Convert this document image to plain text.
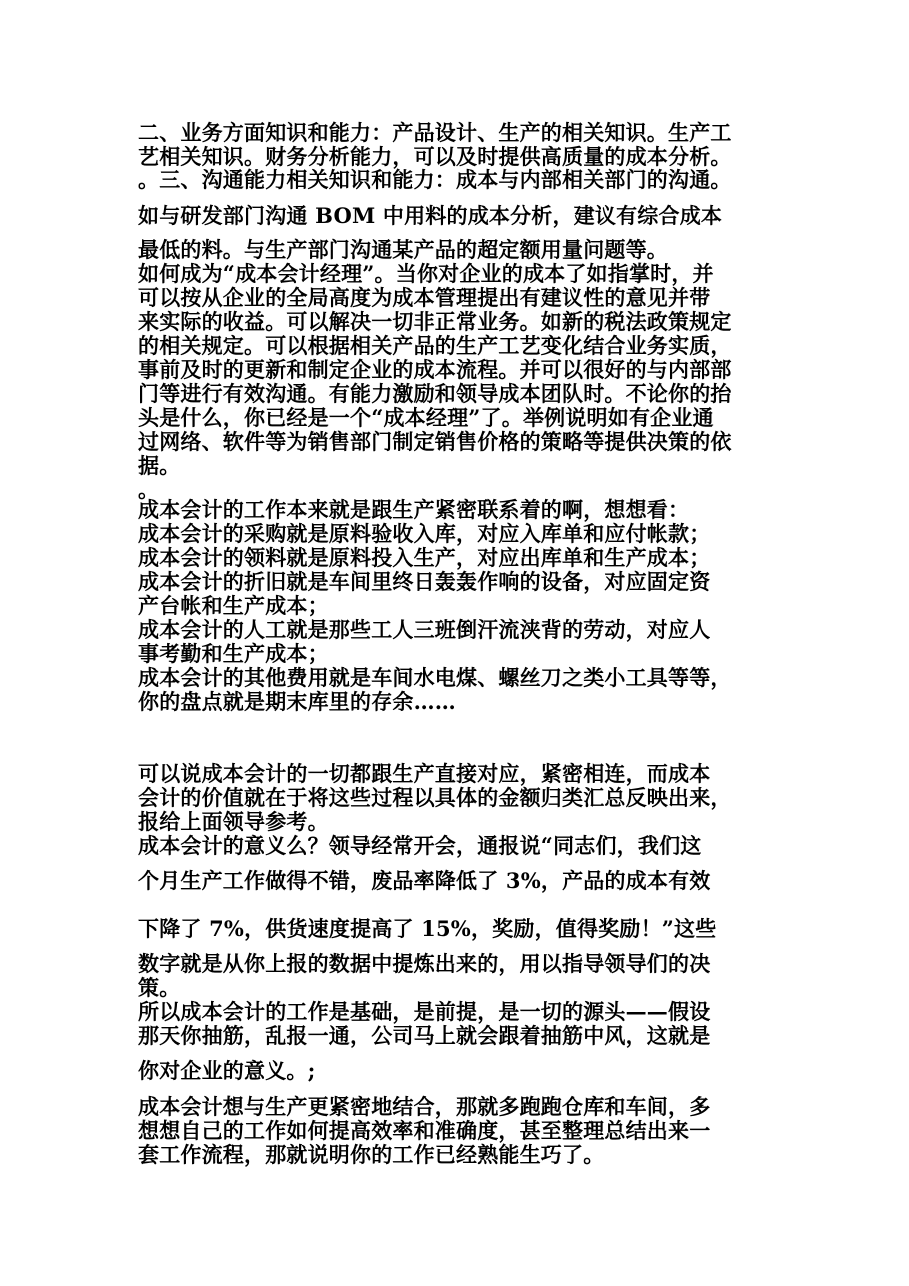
二、业务方面知识和能力：产品设计、生产的相关知识。生产工
艺相关知识。财务分析能力，可以及时提供高质量的成本分析。
。三、沟通能力相关知识和能力：成本与内部相关部门的沟通。
如与研发部门沟通 BOM 中用料的成本分析，建议有综合成本
最低的料。与生产部门沟通某产品的超定额用量问题等。
如何成为“成本会计经理”。当你对企业的成本了如指掌时，并
可以按从企业的全局高度为成本管理提出有建议性的意见并带
来实际的收益。可以解决一切非正常业务。如新的税法政策规定
的相关规定。可以根据相关产品的生产工艺变化结合业务实质，
事前及时的更新和制定企业的成本流程。并可以很好的与内部部
门等进行有效沟通。有能力激励和领导成本团队时。不论你的抬
头是什么，你已经是一个“成本经理”了。举例说明如有企业通
过网络、软件等为销售部门制定销售价格的策略等提供决策的依
据。
。
成本会计的工作本来就是跟生产紧密联系着的啊，想想看：
成本会计的采购就是原料验收入库，对应入库单和应付帐款；
成本会计的领料就是原料投入生产，对应出库单和生产成本；
成本会计的折旧就是车间里终日轰轰作响的设备，对应固定资
产台帐和生产成本；
成本会计的人工就是那些工人三班倒汗流浃背的劳动，对应人
事考勤和生产成本；
成本会计的其他费用就是车间水电煤、螺丝刀之类小工具等等，
你的盘点就是期末库里的存余……
可以说成本会计的一切都跟生产直接对应，紧密相连，而成本
会计的价值就在于将这些过程以具体的金额归类汇总反映出来，
报给上面领导参考。
成本会计的意义么？领导经常开会，通报说“同志们，我们这
个月生产工作做得不错，废品率降低了 3%，产品的成本有效
下降了 7%，供货速度提高了 15%，奖励，值得奖励！”这些
数字就是从你上报的数据中提炼出来的，用以指导领导们的决
策。
所以成本会计的工作是基础，是前提，是一切的源头——假设
那天你抽筋，乱报一通，公司马上就会跟着抽筋中风，这就是
你对企业的意义。;
成本会计想与生产更紧密地结合，那就多跑跑仓库和车间，多
想想自己的工作如何提高效率和准确度，甚至整理总结出来一
套工作流程，那就说明你的工作已经熟能生巧了。
